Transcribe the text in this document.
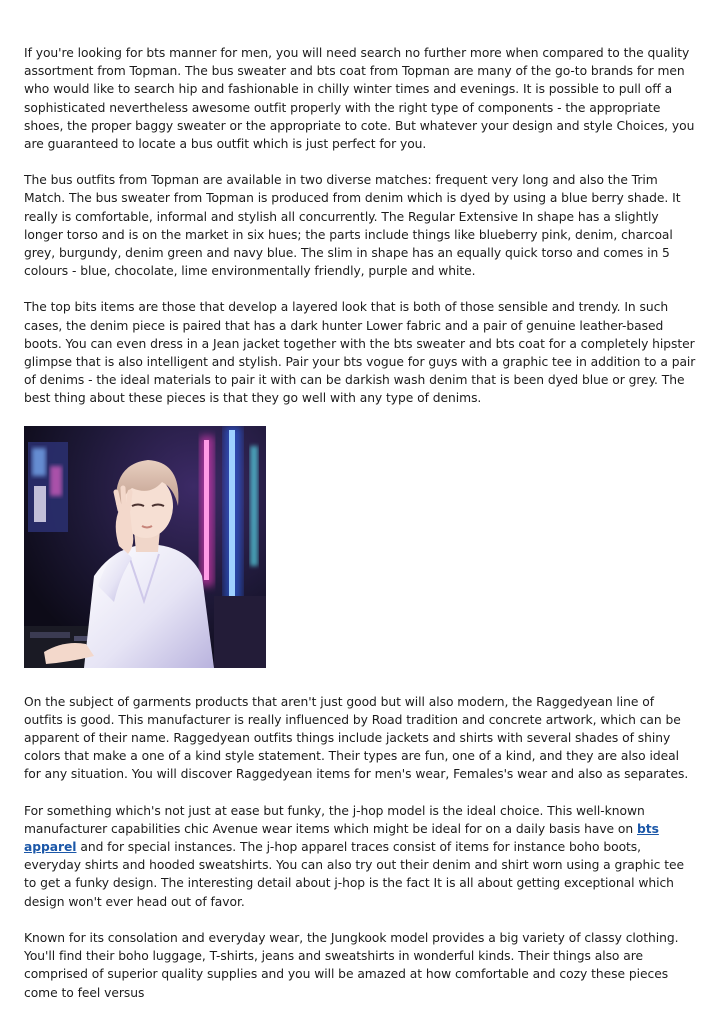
If you're looking for bts manner for men, you will need search no further more when compared to the quality assortment from Topman. The bus sweater and bts coat from Topman are many of the go-to brands for men who would like to search hip and fashionable in chilly winter times and evenings. It is possible to pull off a sophisticated nevertheless awesome outfit properly with the right type of components - the appropriate shoes, the proper baggy sweater or the appropriate to cote. But whatever your design and style Choices, you are guaranteed to locate a bus outfit which is just perfect for you.

The bus outfits from Topman are available in two diverse matches: frequent very long and also the Trim Match. The bus sweater from Topman is produced from denim which is dyed by using a blue berry shade. It really is comfortable, informal and stylish all concurrently. The Regular Extensive In shape has a slightly longer torso and is on the market in six hues; the parts include things like blueberry pink, denim, charcoal grey, burgundy, denim green and navy blue. The slim in shape has an equally quick torso and comes in 5 colours - blue, chocolate, lime environmentally friendly, purple and white.

The top bits items are those that develop a layered look that is both of those sensible and trendy. In such cases, the denim piece is paired that has a dark hunter Lower fabric and a pair of genuine leather-based boots. You can even dress in a Jean jacket together with the bts sweater and bts coat for a completely hipster glimpse that is also intelligent and stylish. Pair your bts vogue for guys with a graphic tee in addition to a pair of denims - the ideal materials to pair it with can be darkish wash denim that is been dyed blue or grey. The best thing about these pieces is that they go well with any type of denims.

On the subject of garments products that aren't just good but will also modern, the Raggedyean line of outfits is good. This manufacturer is really influenced by Road tradition and concrete artwork, which can be apparent of their name. Raggedyean outfits things include jackets and shirts with several shades of shiny colors that make a one of a kind style statement. Their types are fun, one of a kind, and they are also ideal for any situation. You will discover Raggedyean items for men's wear, Females's wear and also as separates.

For something which's not just at ease but funky, the j-hop model is the ideal choice. This well-known manufacturer capabilities chic Avenue wear items which might be ideal for on a daily basis have on bts apparel and for special instances. The j-hop apparel traces consist of items for instance boho boots, everyday shirts and hooded sweatshirts. You can also try out their denim and shirt worn using a graphic tee to get a funky design. The interesting detail about j-hop is the fact It is all about getting exceptional which design won't ever head out of favor.

Known for its consolation and everyday wear, the Jungkook model provides a big variety of classy clothing. You'll find their boho luggage, T-shirts, jeans and sweatshirts in wonderful kinds. Their things also are comprised of superior quality supplies and you will be amazed at how comfortable and cozy these pieces come to feel versus
